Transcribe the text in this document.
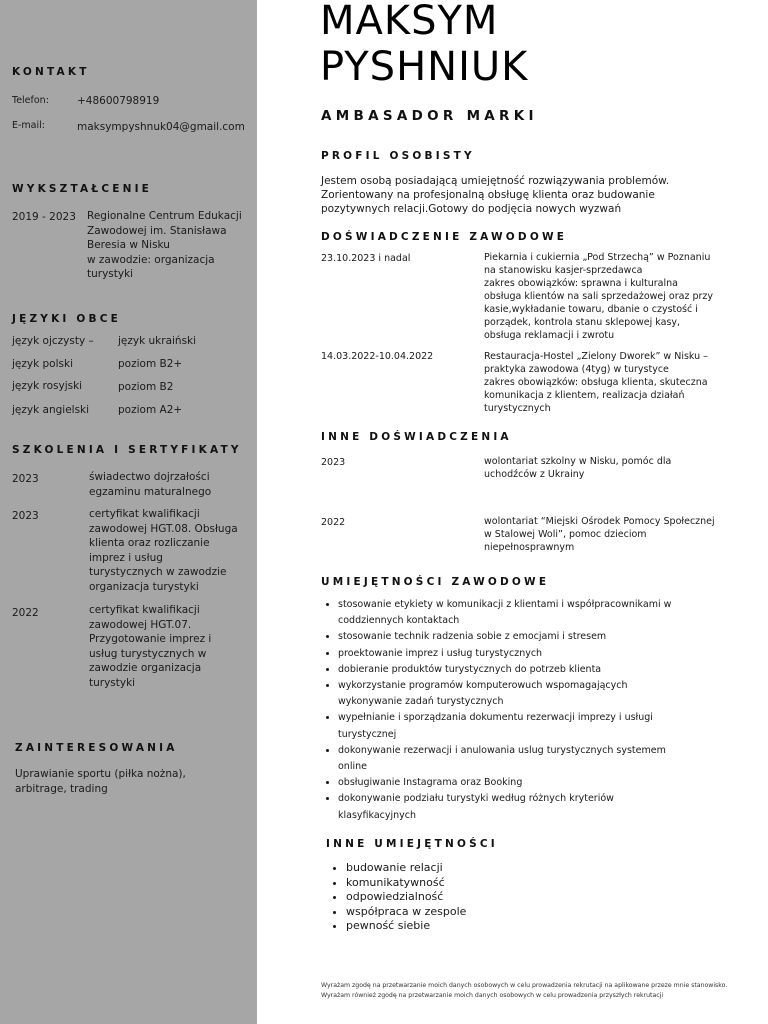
KONTAKT
Telefon:	+48600798919
E-mail:	maksympyshnuk04@gmail.com
WYKSZTAŁCENIE
2019 - 2023 Regionalne Centrum Edukacji
Zawodowej im. Stanisława
Beresia w Nisku
w zawodzie: organizacja
turystyki
JĘZYKI OBCE
język ojczysty – język ukraiński
język polski	poziom B2+
język rosyjski	poziom B2
język angielski	poziom A2+
SZKOLENIA I SERTYFIKATY
2023	świadectwo dojrzałości
egzaminu maturalnego
2023	certyfikat kwalifikacji
zawodowej HGT.08. Obsługa
klienta oraz rozliczanie
imprez i usług
turystycznych w zawodzie
organizacja turystyki
2022	certyfikat kwalifikacji
zawodowej HGT.07.
Przygotowanie imprez i
usług turystycznych w
zawodzie organizacja
turystyki
ZAINTERESOWANIA
Uprawianie sportu (piłka nożna),
arbitrage, trading
MAKSYM
PYSHNIUK
AMBASADOR MARKI
PROFIL OSOBISTY
Jestem osobą posiadającą umiejętność rozwiązywania problemów.
Zorientowany na profesjonalną obsługę klienta oraz budowanie
pozytywnych relacji.Gotowy do podjęcia nowych wyzwań
DOŚWIADCZENIE ZAWODOWE
23.10.2023 i nadal	Piekarnia i cukiernia „Pod Strzechą” w Poznaniu
na stanowisku kasjer-sprzedawca
zakres obowiązków: sprawna i kulturalna
obsługa klientów na sali sprzedażowej oraz przy
kasie,wykładanie towaru, dbanie o czystość i
porządek, kontrola stanu sklepowej kasy,
obsługa reklamacji i zwrotu
14.03.2022-10.04.2022	Restauracja-Hostel „Zielony Dworek” w Nisku –
praktyka zawodowa (4tyg) w turystyce
zakres obowiązków: obsługa klienta, skuteczna
komunikacja z klientem, realizacja działań
turystycznych
INNE DOŚWIADCZENIA
2023	wolontariat szkolny w Nisku, pomóc dla
uchodźców z Ukrainy
2022	wolontariat “Miejski Ośrodek Pomocy Społecznej
w Stalowej Woli”, pomoc dzieciom
niepełnosprawnym
UMIEJĘTNOŚCI ZAWODOWE
• stosowanie etykiety w komunikacji z klientami i współpracownikami w
coddziennych kontaktach
• stosowanie technik radzenia sobie z emocjami i stresem
• proektowanie imprez i usług turystycznych
• dobieranie produktów turystycznych do potrzeb klienta
• wykorzystanie programów komputerowuch wspomagających
wykonywanie zadań turystycznych
• wypełnianie i sporządzania dokumentu rezerwacji imprezy i usługi
turystycznej
• dokonywanie rezerwacji i anulowania uslug turystycznych systemem
online
• obsługiwanie Instagrama oraz Booking
• dokonywanie podziału turystyki według różnych kryteriów
klasyfikacyjnych
INNE UMIEJĘTNOŚCI
• budowanie relacji
• komunikatywność
• odpowiedzialność
• współpraca w zespole
• pewność siebie
Wyrażam zgodę na przetwarzanie moich danych osobowych w celu prowadzenia rekrutacji na aplikowane przeze mnie stanowisko.
Wyrażam również zgodę na przetwarzanie moich danych osobowych w celu prowadzenia przyszłych rekrutacji
